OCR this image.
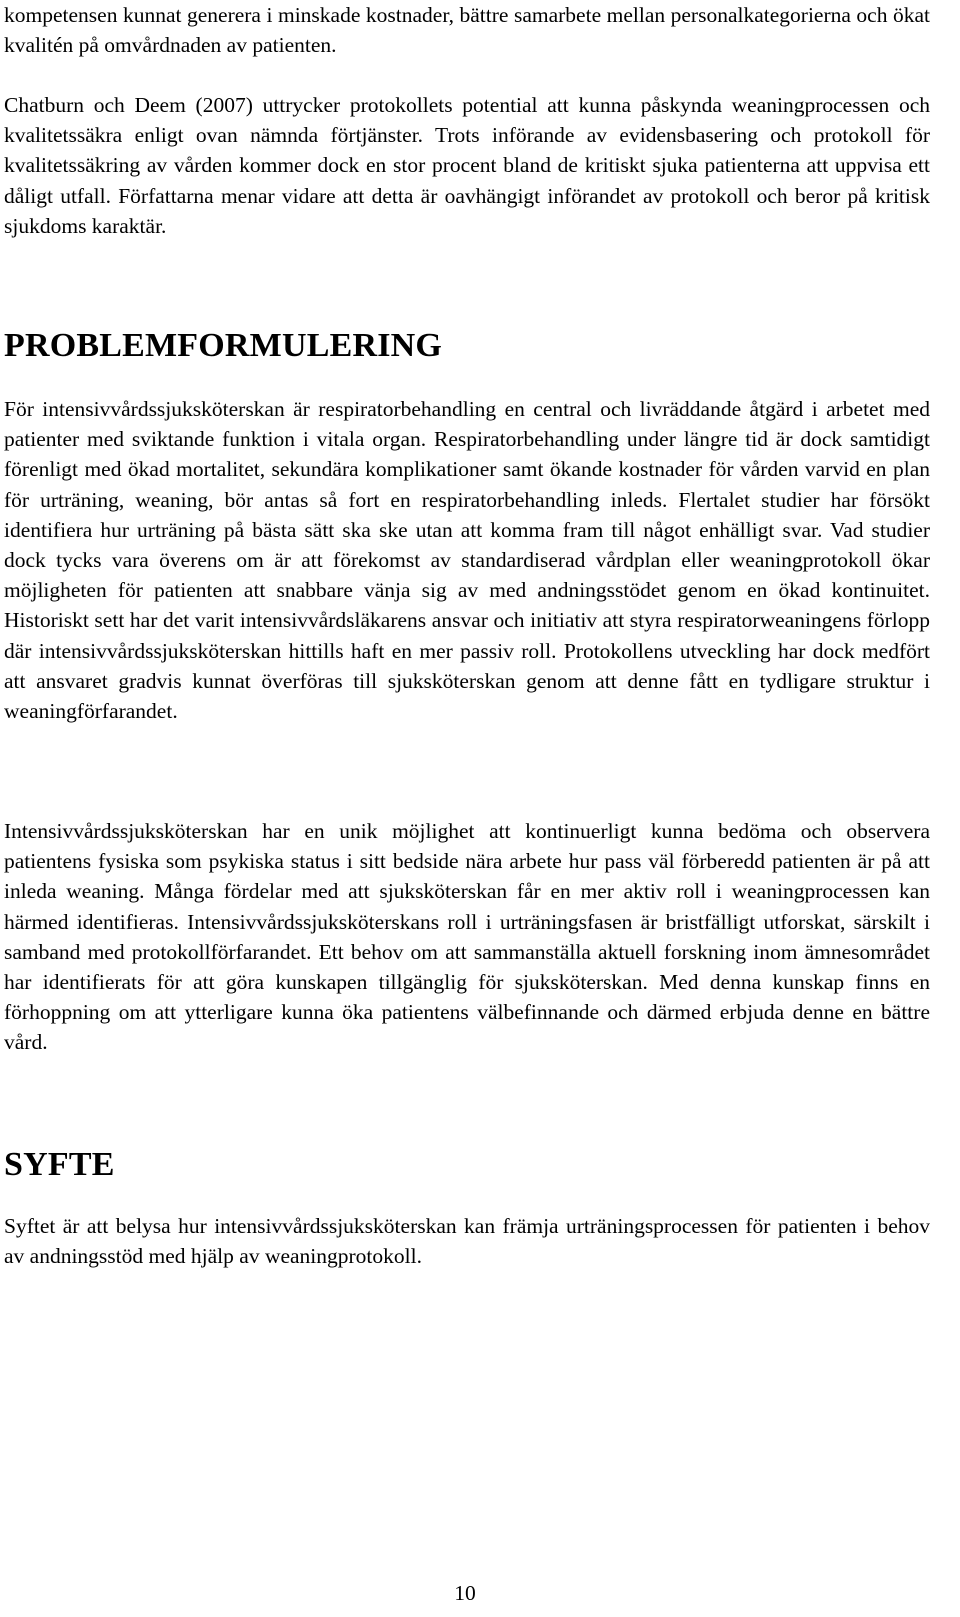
kompetensen kunnat generera i minskade kostnader, bättre samarbete mellan personalkategorierna och ökat kvalitén på omvårdnaden av patienten.

Chatburn och Deem (2007) uttrycker protokollets potential att kunna påskynda weaningprocessen och kvalitetssäkra enligt ovan nämnda förtjänster. Trots införande av evidensbasering och protokoll för kvalitetssäkring av vården kommer dock en stor procent bland de kritiskt sjuka patienterna att uppvisa ett dåligt utfall. Författarna menar vidare att detta är oavhängigt införandet av protokoll och beror på kritisk sjukdoms karaktär.

PROBLEMFORMULERING

För intensivvårdssjuksköterskan är respiratorbehandling en central och livräddande åtgärd i arbetet med patienter med sviktande funktion i vitala organ. Respiratorbehandling under längre tid är dock samtidigt förenligt med ökad mortalitet, sekundära komplikationer samt ökande kostnader för vården varvid en plan för urträning, weaning, bör antas så fort en respiratorbehandling inleds. Flertalet studier har försökt identifiera hur urträning på bästa sätt ska ske utan att komma fram till något enhälligt svar. Vad studier dock tycks vara överens om är att förekomst av standardiserad vårdplan eller weaningprotokoll ökar möjligheten för patienten att snabbare vänja sig av med andningsstödet genom en ökad kontinuitet. Historiskt sett har det varit intensivvårdsläkarens ansvar och initiativ att styra respiratorweaningens förlopp där intensivvårdssjuksköterskan hittills haft en mer passiv roll. Protokollens utveckling har dock medfört att ansvaret gradvis kunnat överföras till sjuksköterskan genom att denne fått en tydligare struktur i weaningförfarandet.

Intensivvårdssjuksköterskan har en unik möjlighet att kontinuerligt kunna bedöma och observera patientens fysiska som psykiska status i sitt bedside nära arbete hur pass väl förberedd patienten är på att inleda weaning. Många fördelar med att sjuksköterskan får en mer aktiv roll i weaningprocessen kan härmed identifieras. Intensivvårdssjuksköterskans roll i urträningsfasen är bristfälligt utforskat, särskilt i samband med protokollförfarandet. Ett behov om att sammanställa aktuell forskning inom ämnesområdet har identifierats för att göra kunskapen tillgänglig för sjuksköterskan. Med denna kunskap finns en förhoppning om att ytterligare kunna öka patientens välbefinnande och därmed erbjuda denne en bättre vård.

SYFTE

Syftet är att belysa hur intensivvårdssjuksköterskan kan främja urträningsprocessen för patienten i behov av andningsstöd med hjälp av weaningprotokoll.

10
